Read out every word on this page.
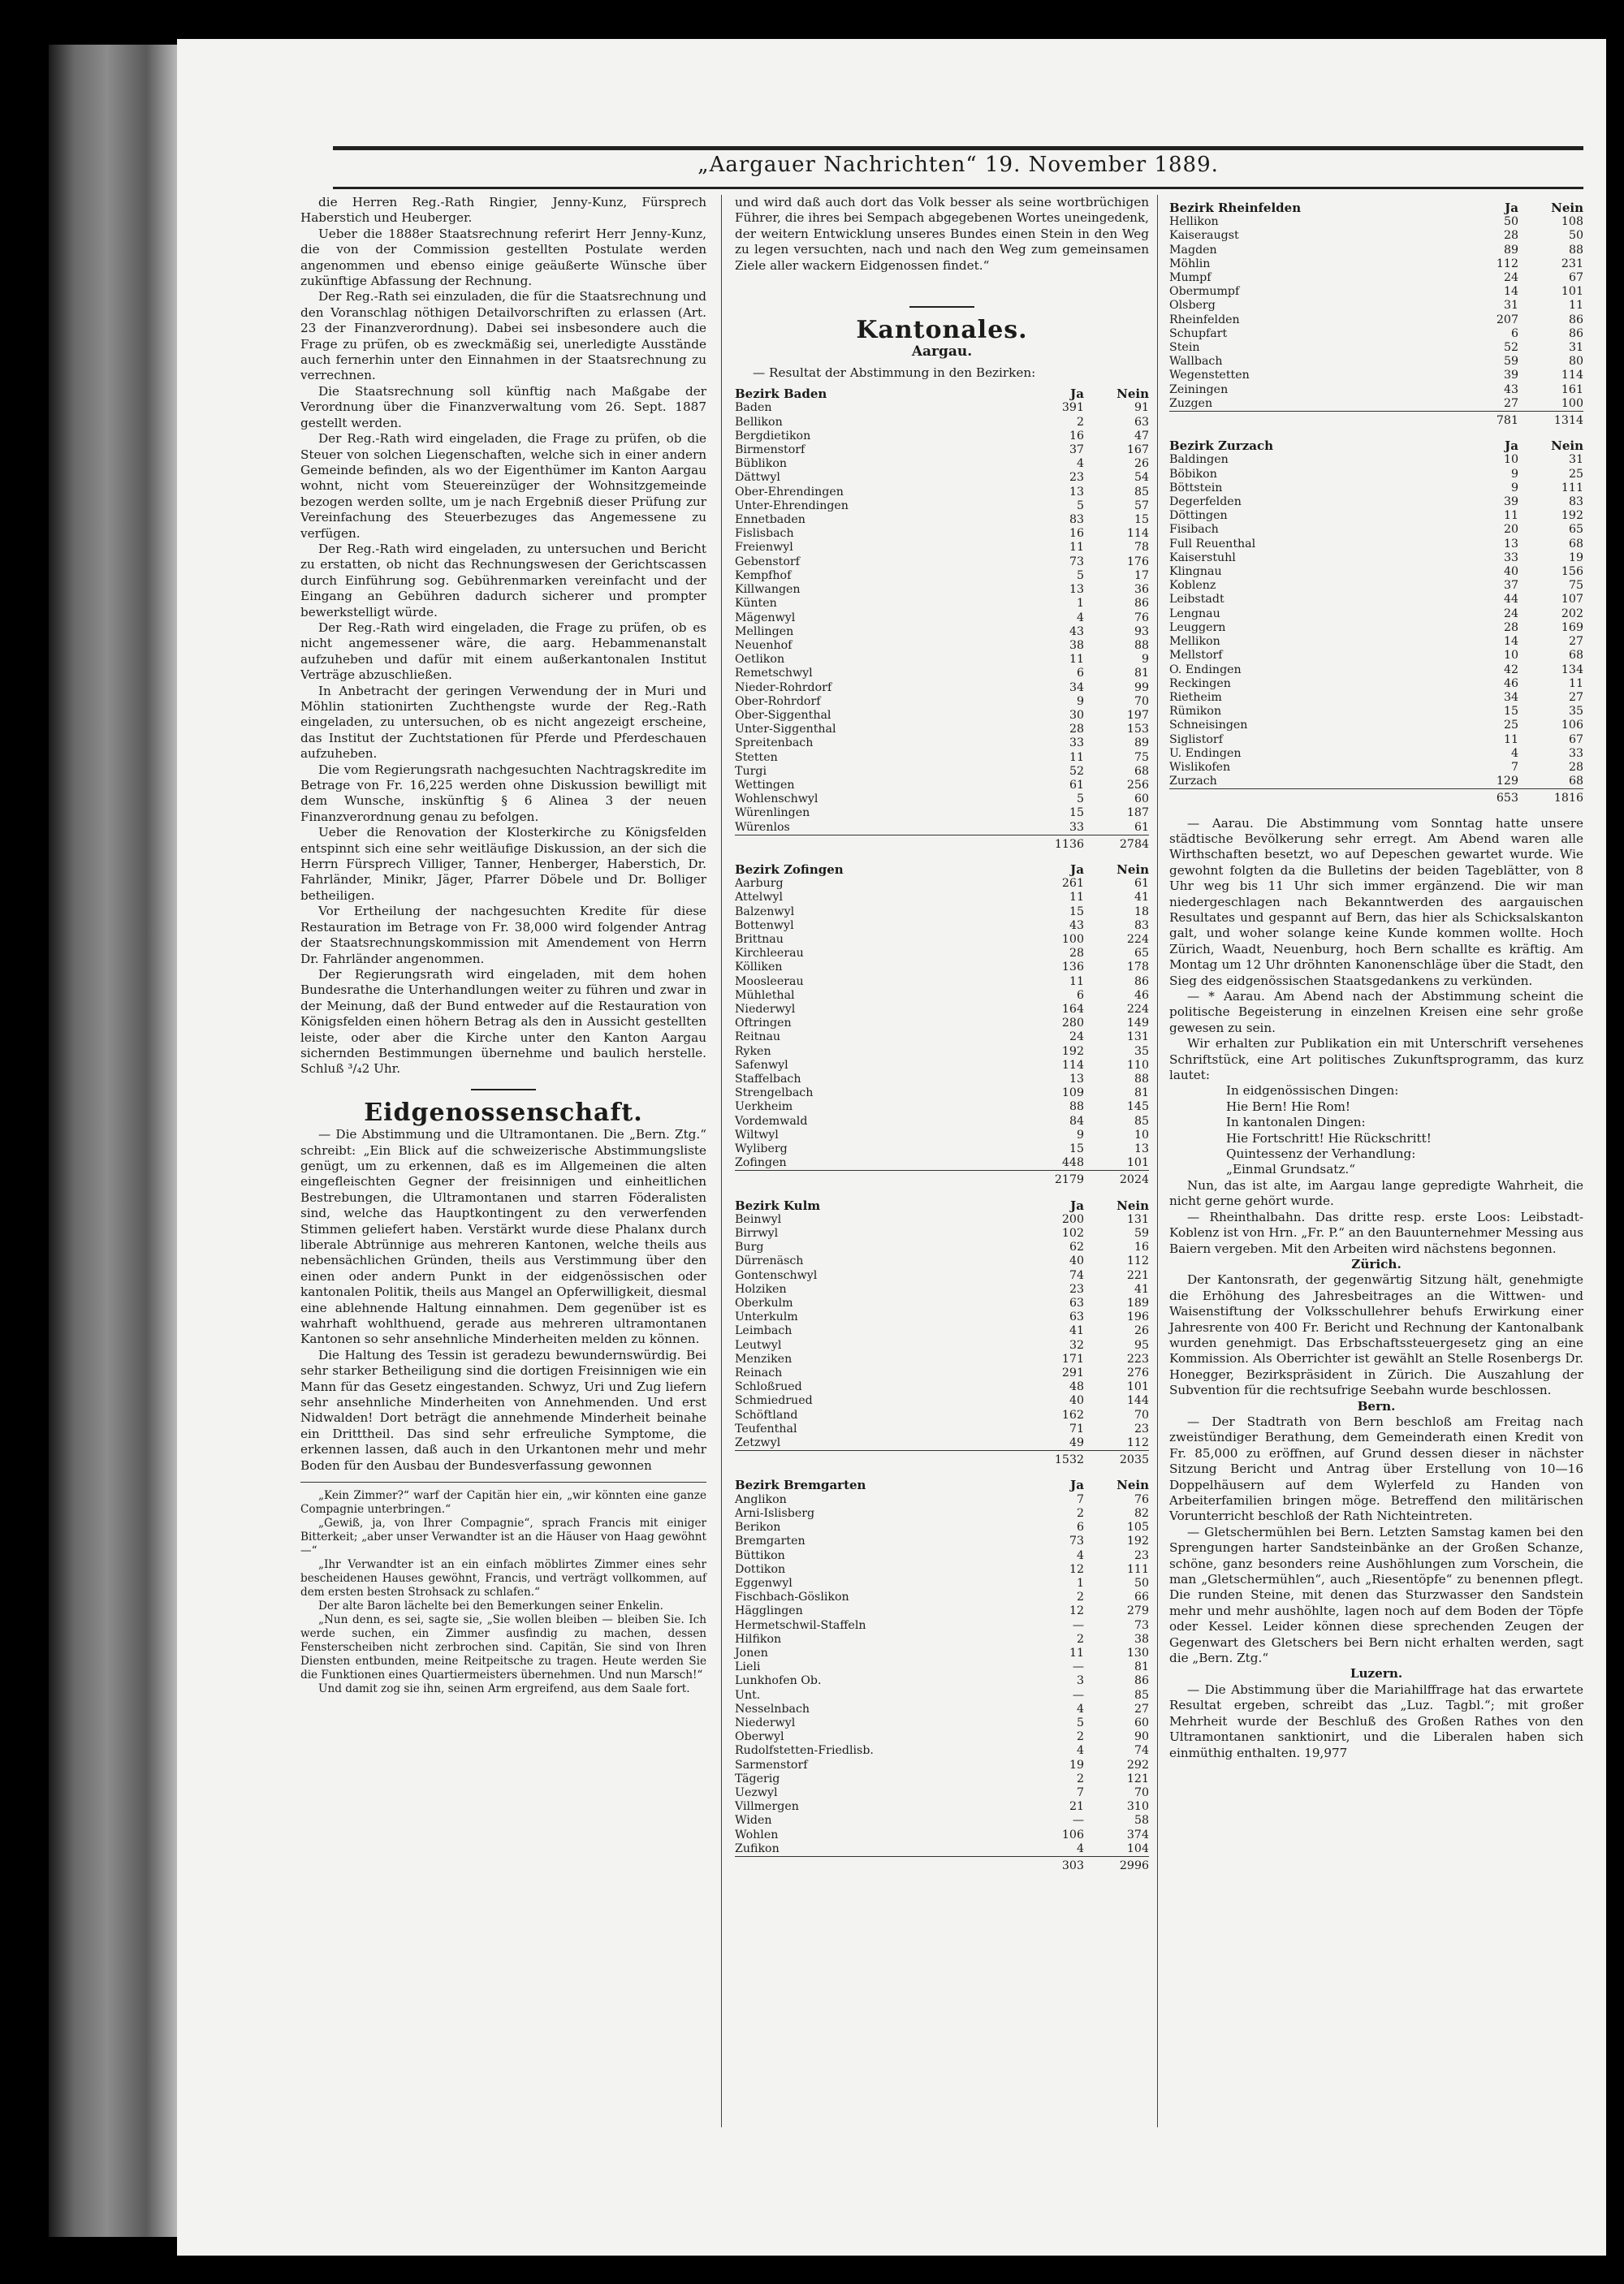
„Aargauer Nachrichten“ 19. November 1889.

die Herren Reg.-Rath Ringier, Jenny-Kunz, Fürsprech Haberstich und Heuberger.

Ueber die 1888er Staatsrechnung referirt Herr Jenny-Kunz, die von der Commission gestellten Postulate werden angenommen und ebenso einige geäußerte Wünsche über zukünftige Abfassung der Rechnung.

Der Reg.-Rath sei einzuladen, die für die Staatsrechnung und den Voranschlag nöthigen Detailvorschriften zu erlassen (Art. 23 der Finanzverordnung). Dabei sei insbesondere auch die Frage zu prüfen, ob es zweckmäßig sei, unerledigte Ausstände auch fernerhin unter den Einnahmen in der Staatsrechnung zu verrechnen.

Die Staatsrechnung soll künftig nach Maßgabe der Verordnung über die Finanzverwaltung vom 26. Sept. 1887 gestellt werden.

Der Reg.-Rath wird eingeladen, die Frage zu prüfen, ob die Steuer von solchen Liegenschaften, welche sich in einer andern Gemeinde befinden, als wo der Eigenthümer im Kanton Aargau wohnt, nicht vom Steuereinzüger der Wohnsitzgemeinde bezogen werden sollte, um je nach Ergebniß dieser Prüfung zur Vereinfachung des Steuerbezuges das Angemessene zu verfügen.

Der Reg.-Rath wird eingeladen, zu untersuchen und Bericht zu erstatten, ob nicht das Rechnungswesen der Gerichtscassen durch Einführung sog. Gebührenmarken vereinfacht und der Eingang an Gebühren dadurch sicherer und prompter bewerkstelligt würde.

Der Reg.-Rath wird eingeladen, die Frage zu prüfen, ob es nicht angemessener wäre, die aarg. Hebammenanstalt aufzuheben und dafür mit einem außerkantonalen Institut Verträge abzuschließen.

In Anbetracht der geringen Verwendung der in Muri und Möhlin stationirten Zuchthengste wurde der Reg.-Rath eingeladen, zu untersuchen, ob es nicht angezeigt erscheine, das Institut der Zuchtstationen für Pferde und Pferdeschauen aufzuheben.

Die vom Regierungsrath nachgesuchten Nachtragskredite im Betrage von Fr. 16,225 werden ohne Diskussion bewilligt mit dem Wunsche, inskünftig § 6 Alinea 3 der neuen Finanzverordnung genau zu befolgen.

Ueber die Renovation der Klosterkirche zu Königsfelden entspinnt sich eine sehr weitläufige Diskussion, an der sich die Herrn Fürsprech Villiger, Tanner, Henberger, Haberstich, Dr. Fahrländer, Minikr, Jäger, Pfarrer Döbele und Dr. Bolliger betheiligen.

Vor Ertheilung der nachgesuchten Kredite für diese Restauration im Betrage von Fr. 38,000 wird folgender Antrag der Staatsrechnungskommission mit Amendement von Herrn Dr. Fahrländer angenommen.

Der Regierungsrath wird eingeladen, mit dem hohen Bundesrathe die Unterhandlungen weiter zu führen und zwar in der Meinung, daß der Bund entweder auf die Restauration von Königsfelden einen höhern Betrag als den in Aussicht gestellten leiste, oder aber die Kirche unter den Kanton Aargau sichernden Bestimmungen übernehme und baulich herstelle. Schluß ³/₄2 Uhr.

Eidgenossenschaft.

— Die Abstimmung und die Ultramontanen. Die „Bern. Ztg.“ schreibt: „Ein Blick auf die schweizerische Abstimmungsliste genügt, um zu erkennen, daß es im Allgemeinen die alten eingefleischten Gegner der freisinnigen und einheitlichen Bestrebungen, die Ultramontanen und starren Föderalisten sind, welche das Hauptkontingent zu den verwerfenden Stimmen geliefert haben. Verstärkt wurde diese Phalanx durch liberale Abtrünnige aus mehreren Kantonen, welche theils aus nebensächlichen Gründen, theils aus Verstimmung über den einen oder andern Punkt in der eidgenössischen oder kantonalen Politik, theils aus Mangel an Opferwilligkeit, diesmal eine ablehnende Haltung einnahmen. Dem gegenüber ist es wahrhaft wohlthuend, gerade aus mehreren ultramontanen Kantonen so sehr ansehnliche Minderheiten melden zu können.

Die Haltung des Tessin ist geradezu bewundernswürdig. Bei sehr starker Betheiligung sind die dortigen Freisinnigen wie ein Mann für das Gesetz eingestanden. Schwyz, Uri und Zug liefern sehr ansehnliche Minderheiten von Annehmenden. Und erst Nidwalden! Dort beträgt die annehmende Minderheit beinahe ein Dritttheil. Das sind sehr erfreuliche Symptome, die erkennen lassen, daß auch in den Urkantonen mehr und mehr Boden für den Ausbau der Bundesverfassung gewonnen

„Kein Zimmer?“ warf der Capitän hier ein, „wir könnten eine ganze Compagnie unterbringen.“

„Gewiß, ja, von Ihrer Compagnie“, sprach Francis mit einiger Bitterkeit; „aber unser Verwandter ist an die Häuser von Haag gewöhnt —“

„Ihr Verwandter ist an ein einfach möblirtes Zimmer eines sehr bescheidenen Hauses gewöhnt, Francis, und verträgt vollkommen, auf dem ersten besten Strohsack zu schlafen.“

Der alte Baron lächelte bei den Bemerkungen seiner Enkelin.

„Nun denn, es sei, sagte sie, „Sie wollen bleiben — bleiben Sie. Ich werde suchen, ein Zimmer ausfindig zu machen, dessen Fensterscheiben nicht zerbrochen sind. Capitän, Sie sind von Ihren Diensten entbunden, meine Reitpeitsche zu tragen. Heute werden Sie die Funktionen eines Quartiermeisters übernehmen. Und nun Marsch!“

Und damit zog sie ihn, seinen Arm ergreifend, aus dem Saale fort.

und wird daß auch dort das Volk besser als seine wortbrüchigen Führer, die ihres bei Sempach abgegebenen Wortes uneingedenk, der weitern Entwicklung unseres Bundes einen Stein in den Weg zu legen versuchten, nach und nach den Weg zum gemeinsamen Ziele aller wackern Eidgenossen findet.“

Kantonales.
Aargau.

— Resultat der Abstimmung in den Bezirken:

Bezirk Baden	Ja	Nein
Baden	391	91
Bellikon	2	63
Bergdietikon	16	47
Birmenstorf	37	167
Büblikon	4	26
Dättwyl	23	54
Ober-Ehrendingen	13	85
Unter-Ehrendingen	5	57
Ennetbaden	83	15
Fislisbach	16	114
Freienwyl	11	78
Gebenstorf	73	176
Kempfhof	5	17
Killwangen	13	36
Künten	1	86
Mägenwyl	4	76
Mellingen	43	93
Neuenhof	38	88
Oetlikon	11	9
Remetschwyl	6	81
Nieder-Rohrdorf	34	99
Ober-Rohrdorf	9	70
Ober-Siggenthal	30	197
Unter-Siggenthal	28	153
Spreitenbach	33	89
Stetten	11	75
Turgi	52	68
Wettingen	61	256
Wohlenschwyl	5	60
Würenlingen	15	187
Würenlos	33	61
	1136	2784
Bezirk Zofingen	Ja	Nein
Aarburg	261	61
Attelwyl	11	41
Balzenwyl	15	18
Bottenwyl	43	83
Brittnau	100	224
Kirchleerau	28	65
Kölliken	136	178
Moosleerau	11	86
Mühlethal	6	46
Niederwyl	164	224
Oftringen	280	149
Reitnau	24	131
Ryken	192	35
Safenwyl	114	110
Staffelbach	13	88
Strengelbach	109	81
Uerkheim	88	145
Vordemwald	84	85
Wiltwyl	9	10
Wyliberg	15	13
Zofingen	448	101
	2179	2024
Bezirk Kulm	Ja	Nein
Beinwyl	200	131
Birrwyl	102	59
Burg	62	16
Dürrenäsch	40	112
Gontenschwyl	74	221
Holziken	23	41
Oberkulm	63	189
Unterkulm	63	196
Leimbach	41	26
Leutwyl	32	95
Menziken	171	223
Reinach	291	276
Schloßrued	48	101
Schmiedrued	40	144
Schöftland	162	70
Teufenthal	71	23
Zetzwyl	49	112
	1532	2035
Bezirk Bremgarten	Ja	Nein
Anglikon	7	76
Arni-Islisberg	2	82
Berikon	6	105
Bremgarten	73	192
Büttikon	4	23
Dottikon	12	111
Eggenwyl	1	50
Fischbach-Göslikon	2	66
Hägglingen	12	279
Hermetschwil-Staffeln	—	73
Hilfikon	2	38
Jonen	11	130
Lieli	—	81
Lunkhofen Ob.	3	86
Unt.	—	85
Nesselnbach	4	27
Niederwyl	5	60
Oberwyl	2	90
Rudolfstetten-Friedlisb.	4	74
Sarmenstorf	19	292
Tägerig	2	121
Uezwyl	7	70
Villmergen	21	310
Widen	—	58
Wohlen	106	374
Zufikon	4	104
	303	2996
Bezirk Rheinfelden	Ja	Nein
Hellikon	50	108
Kaiseraugst	28	50
Magden	89	88
Möhlin	112	231
Mumpf	24	67
Obermumpf	14	101
Olsberg	31	11
Rheinfelden	207	86
Schupfart	6	86
Stein	52	31
Wallbach	59	80
Wegenstetten	39	114
Zeiningen	43	161
Zuzgen	27	100
	781	1314
Bezirk Zurzach	Ja	Nein
Baldingen	10	31
Böbikon	9	25
Böttstein	9	111
Degerfelden	39	83
Döttingen	11	192
Fisibach	20	65
Full Reuenthal	13	68
Kaiserstuhl	33	19
Klingnau	40	156
Koblenz	37	75
Leibstadt	44	107
Lengnau	24	202
Leuggern	28	169
Mellikon	14	27
Mellstorf	10	68
O. Endingen	42	134
Reckingen	46	11
Rietheim	34	27
Rümikon	15	35
Schneisingen	25	106
Siglistorf	11	67
U. Endingen	4	33
Wislikofen	7	28
Zurzach	129	68
	653	1816

— Aarau. Die Abstimmung vom Sonntag hatte unsere städtische Bevölkerung sehr erregt. Am Abend waren alle Wirthschaften besetzt, wo auf Depeschen gewartet wurde. Wie gewohnt folgten da die Bulletins der beiden Tageblätter, von 8 Uhr weg bis 11 Uhr sich immer ergänzend. Die wir man niedergeschlagen nach Bekanntwerden des aargauischen Resultates und gespannt auf Bern, das hier als Schicksalskanton galt, und woher solange keine Kunde kommen wollte. Hoch Zürich, Waadt, Neuenburg, hoch Bern schallte es kräftig. Am Montag um 12 Uhr dröhnten Kanonenschläge über die Stadt, den Sieg des eidgenössischen Staatsgedankens zu verkünden.

— * Aarau. Am Abend nach der Abstimmung scheint die politische Begeisterung in einzelnen Kreisen eine sehr große gewesen zu sein.

Wir erhalten zur Publikation ein mit Unterschrift versehenes Schriftstück, eine Art politisches Zukunftsprogramm, das kurz lautet:

In eidgenössischen Dingen:
Hie Bern! Hie Rom!
In kantonalen Dingen:
Hie Fortschritt! Hie Rückschritt!
Quintessenz der Verhandlung:
„Einmal Grundsatz.“

Nun, das ist alte, im Aargau lange gepredigte Wahrheit, die nicht gerne gehört wurde.

— Rheinthalbahn. Das dritte resp. erste Loos: Leibstadt-Koblenz ist von Hrn. „Fr. P.“ an den Bauunternehmer Messing aus Baiern vergeben. Mit den Arbeiten wird nächstens begonnen.

Zürich.

Der Kantonsrath, der gegenwärtig Sitzung hält, genehmigte die Erhöhung des Jahresbeitrages an die Wittwen- und Waisenstiftung der Volksschullehrer behufs Erwirkung einer Jahresrente von 400 Fr. Bericht und Rechnung der Kantonalbank wurden genehmigt. Das Erbschaftssteuergesetz ging an eine Kommission. Als Oberrichter ist gewählt an Stelle Rosenbergs Dr. Honegger, Bezirkspräsident in Zürich. Die Auszahlung der Subvention für die rechtsufrige Seebahn wurde beschlossen.

Bern.

— Der Stadtrath von Bern beschloß am Freitag nach zweistündiger Berathung, dem Gemeinderath einen Kredit von Fr. 85,000 zu eröffnen, auf Grund dessen dieser in nächster Sitzung Bericht und Antrag über Erstellung von 10—16 Doppelhäusern auf dem Wylerfeld zu Handen von Arbeiterfamilien bringen möge. Betreffend den militärischen Vorunterricht beschloß der Rath Nichteintreten.

— Gletschermühlen bei Bern. Letzten Samstag kamen bei den Sprengungen harter Sandsteinbänke an der Großen Schanze, schöne, ganz besonders reine Aushöhlungen zum Vorschein, die man „Gletschermühlen“, auch „Riesentöpfe“ zu benennen pflegt. Die runden Steine, mit denen das Sturzwasser den Sandstein mehr und mehr aushöhlte, lagen noch auf dem Boden der Töpfe oder Kessel. Leider können diese sprechenden Zeugen der Gegenwart des Gletschers bei Bern nicht erhalten werden, sagt die „Bern. Ztg.“

Luzern.

— Die Abstimmung über die Mariahilffrage hat das erwartete Resultat ergeben, schreibt das „Luz. Tagbl.“; mit großer Mehrheit wurde der Beschluß des Großen Rathes von den Ultramontanen sanktionirt, und die Liberalen haben sich einmüthig enthalten. 19,977
